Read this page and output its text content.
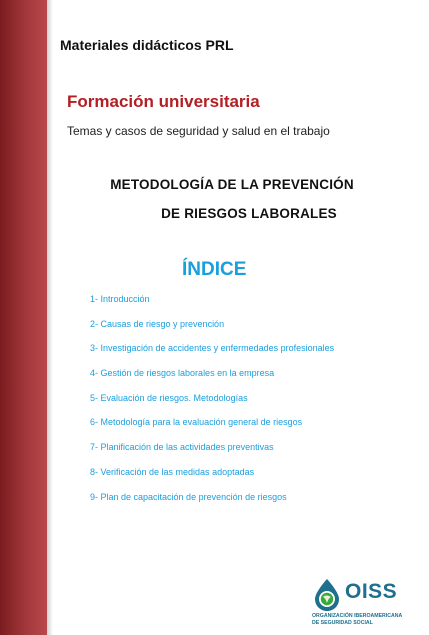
Materiales didácticos PRL
Formación universitaria
Temas y casos de seguridad y salud en el trabajo
METODOLOGÍA DE LA PREVENCIÓN
DE RIESGOS LABORALES
ÍNDICE
1- Introducción
2- Causas de riesgo y prevención
3- Investigación de accidentes y enfermedades profesionales
4- Gestión de riesgos laborales en la empresa
5- Evaluación de riesgos. Metodologías
6- Metodología para la evaluación general de riesgos
7- Planificación de las actividades preventivas
8- Verificación de las medidas adoptadas
9- Plan de capacitación de prevención de riesgos
OISS
ORGANIZACIÓN IBEROAMERICANA
DE SEGURIDAD SOCIAL
